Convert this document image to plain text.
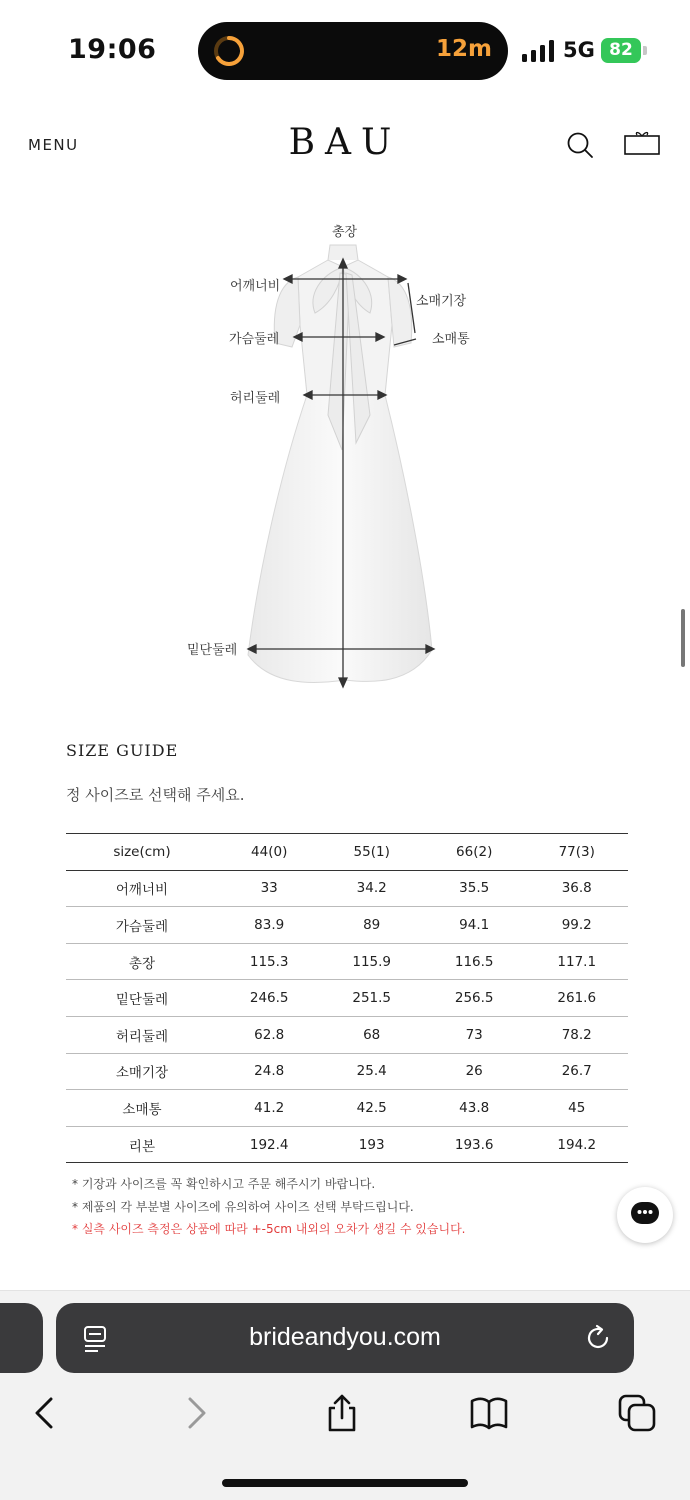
19:06	12m	5G 82
MENU	BAU
총장
어깨너비
소매기장
가슴둘레	소매통
허리둘레
밑단둘레
SIZE GUIDE
정 사이즈로 선택해 주세요.
size(cm)	44(0)	55(1)	66(2)	77(3)
어깨너비	33	34.2	35.5	36.8
가슴둘레	83.9	89	94.1	99.2
총장	115.3	115.9	116.5	117.1
밑단둘레	246.5	251.5	256.5	261.6
허리둘레	62.8	68	73	78.2
소매기장	24.8	25.4	26	26.7
소매통	41.2	42.5	43.8	45
리본	192.4	193	193.6	194.2
* 기장과 사이즈를 꼭 확인하시고 주문 해주시기 바랍니다.
* 제품의 각 부분별 사이즈에 유의하여 사이즈 선택 부탁드립니다.
* 실측 사이즈 측정은 상품에 따라 +-5cm 내외의 오차가 생길 수 있습니다.
brideandyou.com
